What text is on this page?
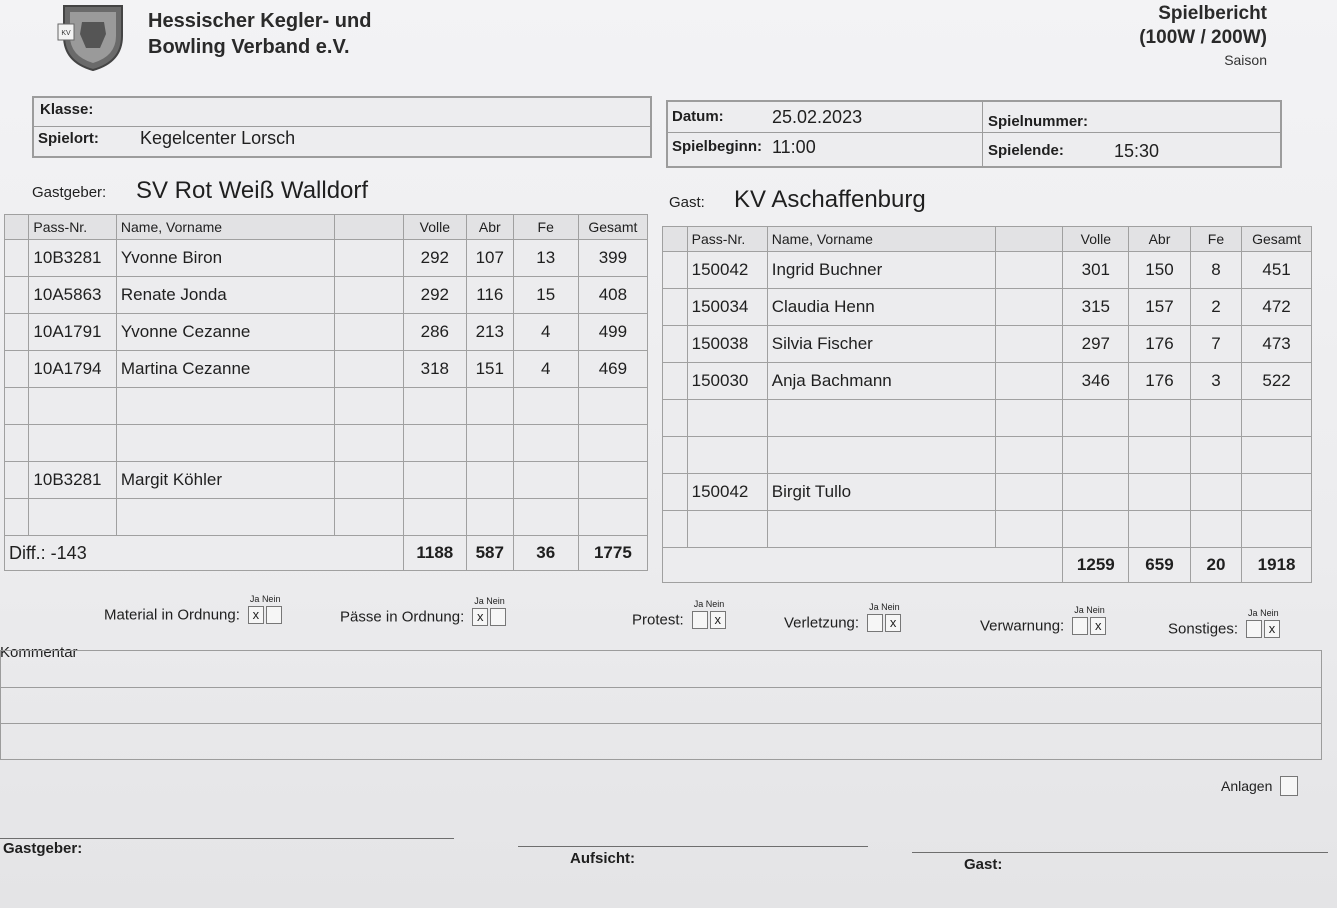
KV
Hessischer Kegler- und
Bowling Verband e.V.
Spielbericht
(100W / 200W)
Saison
Klasse:
Spielort: Kegelcenter Lorsch
Datum:	25.02.2023
Spielbeginn: 11:00
Spielnummer:
Spielende:	15:30
Gastgeber: SV Rot Weiß Walldorf	Gast: KV Aschaffenburg
	Pass-Nr.	Name, Vorname		Volle	Abr	Fe	Gesamt
	10B3281	Yvonne Biron		292	107	13	399
	10A5863	Renate Jonda		292	116	15	408
	10A1791	Yvonne Cezanne		286	213	4	499
	10A1794	Martina Cezanne		318	151	4	469

	10B3281	Margit Köhler					

Diff.: -143				1188	587	36	1775
	Pass-Nr.	Name, Vorname		Volle	Abr	Fe	Gesamt
	150042	Ingrid Buchner		301	150	8	451
	150034	Claudia Henn		315	157	2	472
	150038	Silvia Fischer		297	176	7	473
	150030	Anja Bachmann		346	176	3	522

	150042	Birgit Tullo					

				1259	659	20	1918
Material in Ordnung:
Ja Nein
x	Pässe in Ordnung:
Ja Nein
x	Protest:
Ja Nein
x	Verletzung:
Ja Nein
x	Verwarnung:
Ja Nein
x	Sonstiges:
Ja Nein
x
Kommentar
Anlagen
Gastgeber:
Aufsicht:	Gast:
